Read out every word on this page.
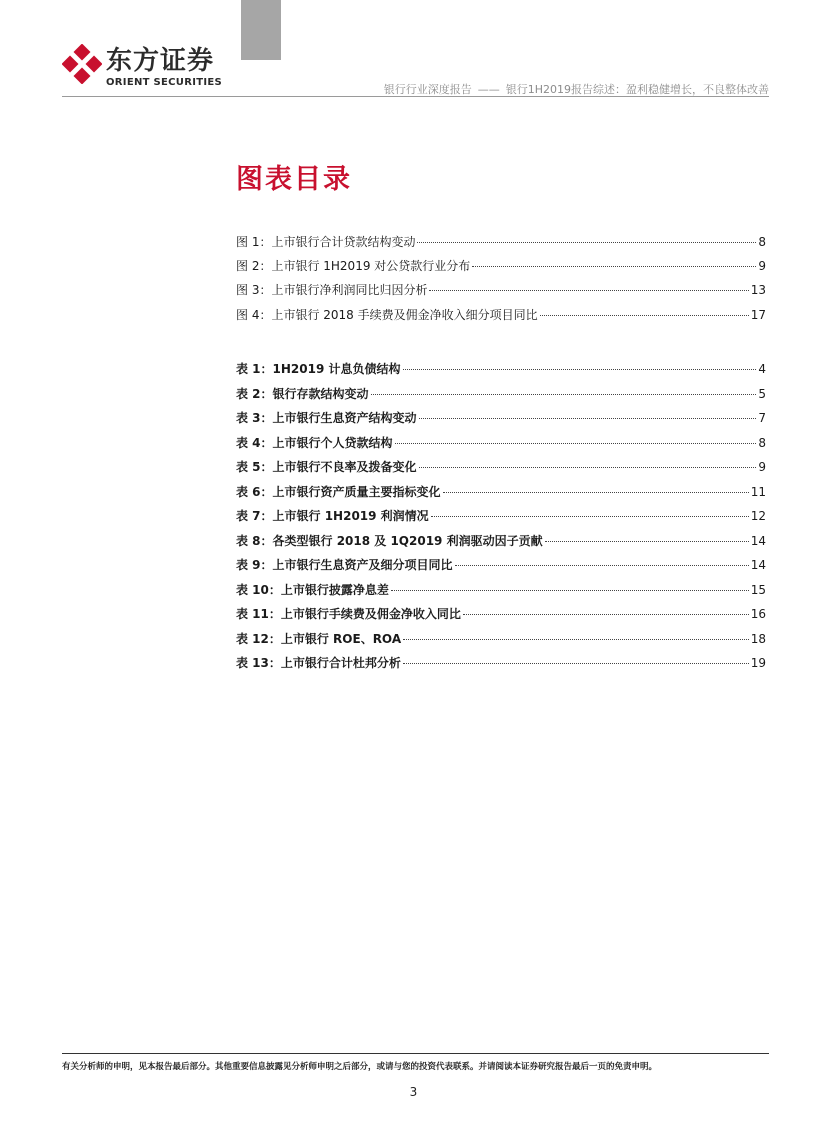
东方证券
ORIENT SECURITIES
银行行业深度报告 —— 银行1H2019报告综述：盈利稳健增长，不良整体改善
图表目录
图 1：上市银行合计贷款结构变动	8
图 2：上市银行 1H2019 对公贷款行业分布	9
图 3：上市银行净利润同比归因分析	13
图 4：上市银行 2018 手续费及佣金净收入细分项目同比	17
表 1：1H2019 计息负债结构	4
表 2：银行存款结构变动	5
表 3：上市银行生息资产结构变动	7
表 4：上市银行个人贷款结构	8
表 5：上市银行不良率及拨备变化	9
表 6：上市银行资产质量主要指标变化	11
表 7：上市银行 1H2019 利润情况	12
表 8：各类型银行 2018 及 1Q2019 利润驱动因子贡献	14
表 9：上市银行生息资产及细分项目同比	14
表 10：上市银行披露净息差	15
表 11：上市银行手续费及佣金净收入同比	16
表 12：上市银行 ROE、ROA	18
表 13：上市银行合计杜邦分析	19
有关分析师的申明，见本报告最后部分。其他重要信息披露见分析师申明之后部分，或请与您的投资代表联系。并请阅读本证券研究报告最后一页的免责申明。
3
